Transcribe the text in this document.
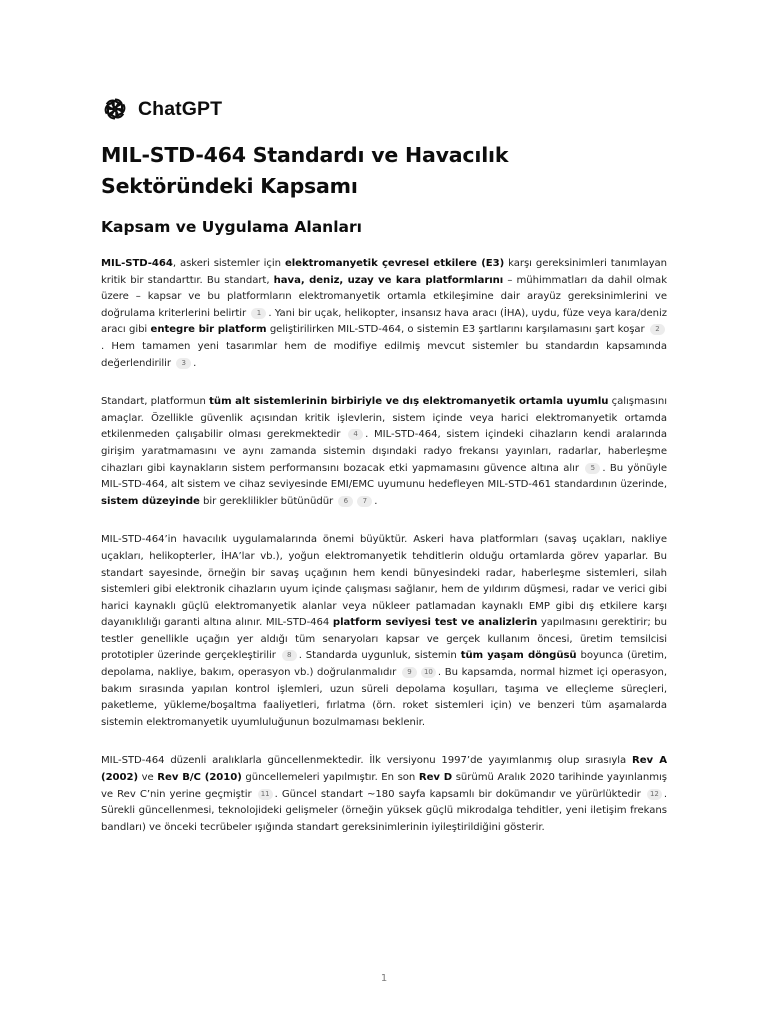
ChatGPT
MIL-STD-464 Standardı ve Havacılık Sektöründeki Kapsamı
Kapsam ve Uygulama Alanları

MIL-STD-464, askeri sistemler için elektromanyetik çevresel etkilere (E3) karşı gereksinimleri tanımlayan kritik bir standarttır. Bu standart, hava, deniz, uzay ve kara platformlarını – mühimmatları da dahil olmak üzere – kapsar ve bu platformların elektromanyetik ortamla etkileşimine dair arayüz gereksinimlerini ve doğrulama kriterlerini belirtir 1 . Yani bir uçak, helikopter, insansız hava aracı (İHA), uydu, füze veya kara/deniz aracı gibi entegre bir platform geliştirilirken MIL-STD-464, o sistemin E3 şartlarını karşılamasını şart koşar 2. Hem tamamen yeni tasarımlar hem de modifiye edilmiş mevcut sistemler bu standardın kapsamında değerlendirilir 3 .

Standart, platformun tüm alt sistemlerinin birbiriyle ve dış elektromanyetik ortamla uyumlu çalışmasını amaçlar. Özellikle güvenlik açısından kritik işlevlerin, sistem içinde veya harici elektromanyetik ortamda etkilenmeden çalışabilir olması gerekmektedir 4 . MIL-STD-464, sistem içindeki cihazların kendi aralarında girişim yaratmamasını ve aynı zamanda sistemin dışındaki radyo frekansı yayınları, radarlar, haberleşme cihazları gibi kaynakların sistem performansını bozacak etki yapmamasını güvence altına alır 5 . Bu yönüyle MIL-STD-464, alt sistem ve cihaz seviyesinde EMI/EMC uyumunu hedefleyen MIL-STD-461 standardının üzerinde, sistem düzeyinde bir gereklilikler bütünüdür 6 7 .

MIL-STD-464’in havacılık uygulamalarında önemi büyüktür. Askeri hava platformları (savaş uçakları, nakliye uçakları, helikopterler, İHA’lar vb.), yoğun elektromanyetik tehditlerin olduğu ortamlarda görev yaparlar. Bu standart sayesinde, örneğin bir savaş uçağının hem kendi bünyesindeki radar, haberleşme sistemleri, silah sistemleri gibi elektronik cihazların uyum içinde çalışması sağlanır, hem de yıldırım düşmesi, radar ve verici gibi harici kaynaklı güçlü elektromanyetik alanlar veya nükleer patlamadan kaynaklı EMP gibi dış etkilere karşı dayanıklılığı garanti altına alınır. MIL-STD-464 platform seviyesi test ve analizlerin yapılmasını gerektirir; bu testler genellikle uçağın yer aldığı tüm senaryoları kapsar ve gerçek kullanım öncesi, üretim temsilcisi prototipler üzerinde gerçekleştirilir 8 . Standarda uygunluk, sistemin tüm yaşam döngüsü boyunca (üretim, depolama, nakliye, bakım, operasyon vb.) doğrulanmalıdır 9 10 . Bu kapsamda, normal hizmet içi operasyon, bakım sırasında yapılan kontrol işlemleri, uzun süreli depolama koşulları, taşıma ve elleçleme süreçleri, paketleme, yükleme/boşaltma faaliyetleri, fırlatma (örn. roket sistemleri için) ve benzeri tüm aşamalarda sistemin elektromanyetik uyumluluğunun bozulmaması beklenir.

MIL-STD-464 düzenli aralıklarla güncellenmektedir. İlk versiyonu 1997’de yayımlanmış olup sırasıyla Rev A (2002) ve Rev B/C (2010) güncellemeleri yapılmıştır. En son Rev D sürümü Aralık 2020 tarihinde yayınlanmış ve Rev C’nin yerine geçmiştir 11 . Güncel standart ~180 sayfa kapsamlı bir dokümandır ve yürürlüktedir 12 . Sürekli güncellenmesi, teknolojideki gelişmeler (örneğin yüksek güçlü mikrodalga tehditler, yeni iletişim frekans bandları) ve önceki tecrübeler ışığında standart gereksinimlerinin iyileştirildiğini gösterir.

1
